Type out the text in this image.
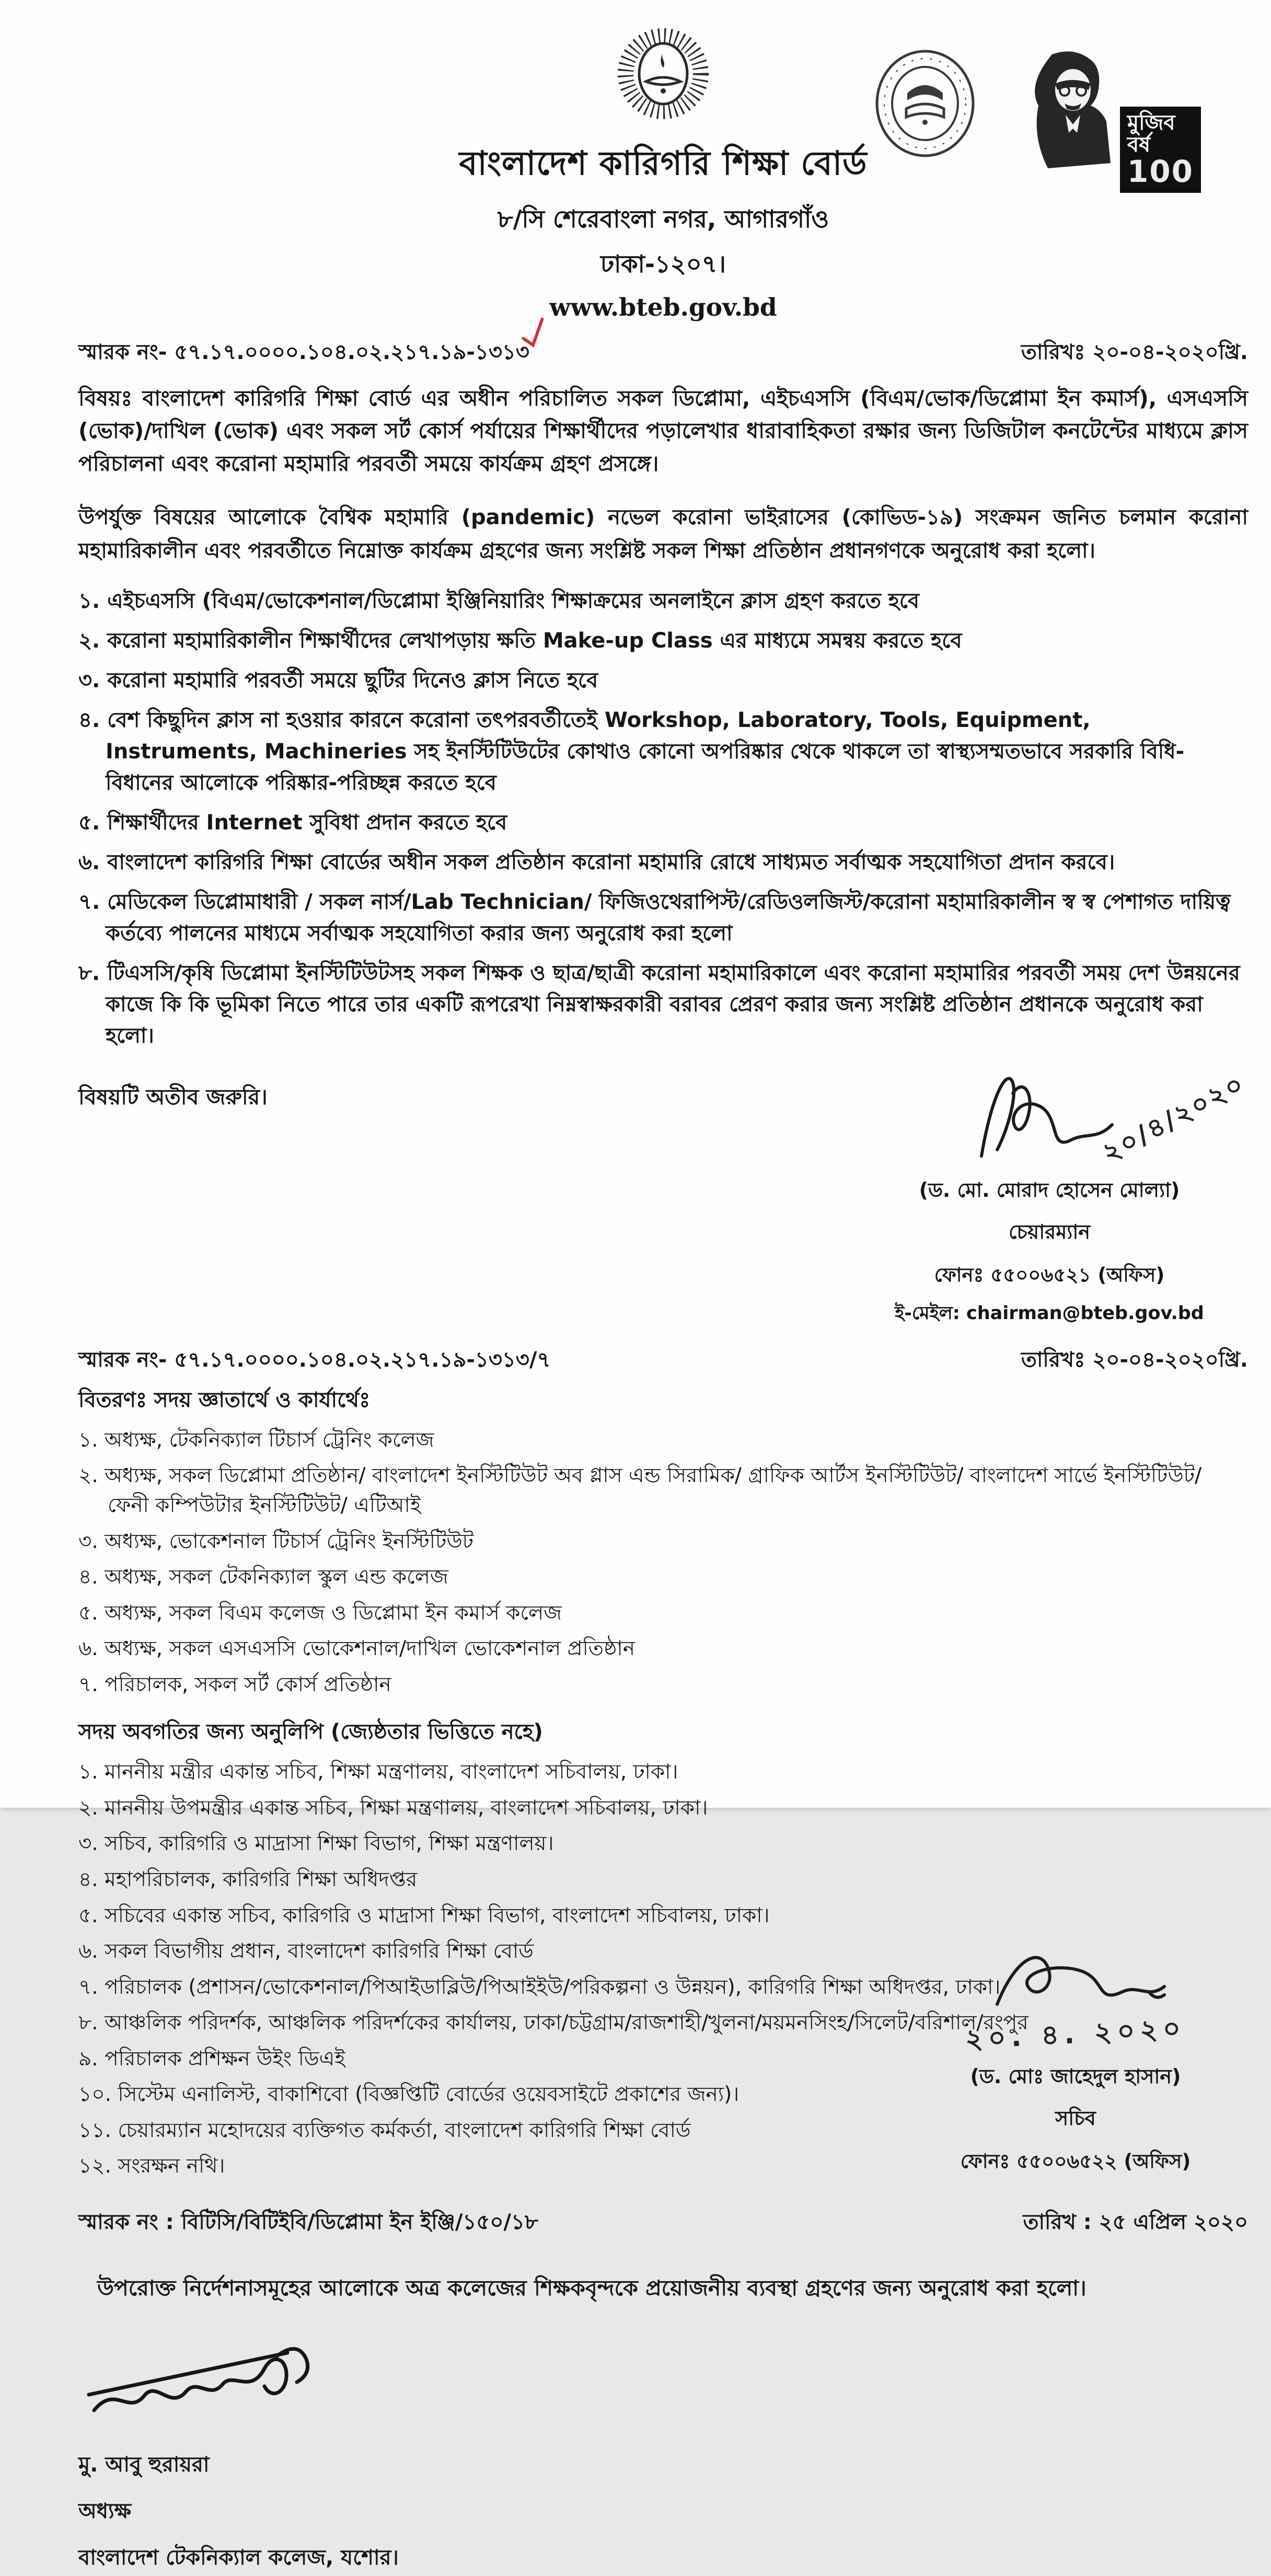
বাংলাদেশ কারিগরি শিক্ষা বোর্ড
৮/সি শেরেবাংলা নগর, আগারগাঁও
ঢাকা-১২০৭।
www.bteb.gov.bd
মুজিব বর্ষ
100
স্মারক নং- ৫৭.১৭.০০০০.১০৪.০২.২১৭.১৯-১৩১৩	তারিখঃ ২০-০৪-২০২০খ্রি.
বিষয়ঃ বাংলাদেশ কারিগরি শিক্ষা বোর্ড এর অধীন পরিচালিত সকল ডিপ্লোমা, এইচএসসি (বিএম/ভোক/ডিপ্লোমা ইন কমার্স), এসএসসি (ভোক)/দাখিল (ভোক) এবং সকল সর্ট কোর্স পর্যায়ের শিক্ষার্থীদের পড়ালেখার ধারাবাহিকতা রক্ষার জন্য ডিজিটাল কনটেন্টের মাধ্যমে ক্লাস পরিচালনা এবং করোনা মহামারি পরবর্তী সময়ে কার্যক্রম গ্রহণ প্রসঙ্গে।
উপর্যুক্ত বিষয়ের আলোকে বৈশ্বিক মহামারি (pandemic) নভেল করোনা ভাইরাসের (কোভিড-১৯) সংক্রমন জনিত চলমান করোনা মহামারিকালীন এবং পরবর্তীতে নিম্নোক্ত কার্যক্রম গ্রহণের জন্য সংশ্লিষ্ট সকল শিক্ষা প্রতিষ্ঠান প্রধানগণকে অনুরোধ করা হলো।
১. এইচএসসি (বিএম/ভোকেশনাল/ডিপ্লোমা ইঞ্জিনিয়ারিং শিক্ষাক্রমের অনলাইনে ক্লাস গ্রহণ করতে হবে
২. করোনা মহামারিকালীন শিক্ষার্থীদের লেখাপড়ায় ক্ষতি Make-up Class এর মাধ্যমে সমন্বয় করতে হবে
৩. করোনা মহামারি পরবর্তী সময়ে ছুটির দিনেও ক্লাস নিতে হবে
৪. বেশ কিছুদিন ক্লাস না হওয়ার কারনে করোনা তৎপরবর্তীতেই Workshop, Laboratory, Tools, Equipment, Instruments, Machineries সহ ইনস্টিটিউটের কোথাও কোনো অপরিষ্কার থেকে থাকলে তা স্বাস্থ্যসম্মতভাবে সরকারি বিধি-বিধানের আলোকে পরিষ্কার-পরিচ্ছন্ন করতে হবে
৫. শিক্ষার্থীদের Internet সুবিধা প্রদান করতে হবে
৬. বাংলাদেশ কারিগরি শিক্ষা বোর্ডের অধীন সকল প্রতিষ্ঠান করোনা মহামারি রোধে সাধ্যমত সর্বাত্মক সহযোগিতা প্রদান করবে।
৭. মেডিকেল ডিপ্লোমাধারী / সকল নার্স/Lab Technician/ ফিজিওথেরাপিস্ট/রেডিওলজিস্ট/করোনা মহামারিকালীন স্ব স্ব পেশাগত দায়িত্ব কর্তব্যে পালনের মাধ্যমে সর্বাত্মক সহযোগিতা করার জন্য অনুরোধ করা হলো
৮. টিএসসি/কৃষি ডিপ্লোমা ইনস্টিটিউটসহ সকল শিক্ষক ও ছাত্র/ছাত্রী করোনা মহামারিকালে এবং করোনা মহামারির পরবর্তী সময় দেশ উন্নয়নের কাজে কি কি ভূমিকা নিতে পারে তার একটি রূপরেখা নিম্নস্বাক্ষরকারী বরাবর প্রেরণ করার জন্য সংশ্লিষ্ট প্রতিষ্ঠান প্রধানকে অনুরোধ করা হলো।
বিষয়টি অতীব জরুরি।	২০/৪/২০২০
(ড. মো. মোরাদ হোসেন মোল্যা)
চেয়ারম্যান
ফোনঃ ৫৫০০৬৫২১ (অফিস)
ই-মেইল: chairman@bteb.gov.bd
স্মারক নং- ৫৭.১৭.০০০০.১০৪.০২.২১৭.১৯-১৩১৩/৭	তারিখঃ ২০-০৪-২০২০খ্রি.
বিতরণঃ সদয় জ্ঞাতার্থে ও কার্যার্থেঃ
১. অধ্যক্ষ, টেকনিক্যাল টিচার্স ট্রেনিং কলেজ
২. অধ্যক্ষ, সকল ডিপ্লোমা প্রতিষ্ঠান/ বাংলাদেশ ইনস্টিটিউট অব গ্লাস এন্ড সিরামিক/ গ্রাফিক আর্টস ইনস্টিটিউট/ বাংলাদেশ সার্ভে ইনস্টিটিউট/ ফেনী কম্পিউটার ইনস্টিটিউট/ এটিআই
৩. অধ্যক্ষ, ভোকেশনাল টিচার্স ট্রেনিং ইনস্টিটিউট
৪. অধ্যক্ষ, সকল টেকনিক্যাল স্কুল এন্ড কলেজ
৫. অধ্যক্ষ, সকল বিএম কলেজ ও ডিপ্লোমা ইন কমার্স কলেজ
৬. অধ্যক্ষ, সকল এসএসসি ভোকেশনাল/দাখিল ভোকেশনাল প্রতিষ্ঠান
৭. পরিচালক, সকল সর্ট কোর্স প্রতিষ্ঠান
সদয় অবগতির জন্য অনুলিপি (জ্যেষ্ঠতার ভিত্তিতে নহে)
১. মাননীয় মন্ত্রীর একান্ত সচিব, শিক্ষা মন্ত্রণালয়, বাংলাদেশ সচিবালয়, ঢাকা।
২. মাননীয় উপমন্ত্রীর একান্ত সচিব, শিক্ষা মন্ত্রণালয়, বাংলাদেশ সচিবালয়, ঢাকা।
৩. সচিব, কারিগরি ও মাদ্রাসা শিক্ষা বিভাগ, শিক্ষা মন্ত্রণালয়।
৪. মহাপরিচালক, কারিগরি শিক্ষা অধিদপ্তর
৫. সচিবের একান্ত সচিব, কারিগরি ও মাদ্রাসা শিক্ষা বিভাগ, বাংলাদেশ সচিবালয়, ঢাকা।
৬. সকল বিভাগীয় প্রধান, বাংলাদেশ কারিগরি শিক্ষা বোর্ড
৭. পরিচালক (প্রশাসন/ভোকেশনাল/পিআইডাব্লিউ/পিআইইউ/পরিকল্পনা ও উন্নয়ন), কারিগরি শিক্ষা অধিদপ্তর, ঢাকা।
৮. আঞ্চলিক পরিদর্শক, আঞ্চলিক পরিদর্শকের কার্যালয়, ঢাকা/চট্টগ্রাম/রাজশাহী/খুলনা/ময়মনসিংহ/সিলেট/বরিশাল/রংপুর
৯. পরিচালক প্রশিক্ষন উইং ডিএই
১০. সিস্টেম এনালিস্ট, বাকাশিবো (বিজ্ঞপ্তিটি বোর্ডের ওয়েবসাইটে প্রকাশের জন্য)।
১১. চেয়ারম্যান মহোদয়ের ব্যক্তিগত কর্মকর্তা, বাংলাদেশ কারিগরি শিক্ষা বোর্ড
১২. সংরক্ষন নথি।
২০. ৪. ২০২০
(ড. মোঃ জাহেদুল হাসান)
সচিব
ফোনঃ ৫৫০০৬৫২২ (অফিস)
স্মারক নং : বিটিসি/বিটিইবি/ডিপ্লোমা ইন ইঞ্জি/১৫০/১৮	তারিখ : ২৫ এপ্রিল ২০২০
উপরোক্ত নির্দেশনাসমূহের আলোকে অত্র কলেজের শিক্ষকবৃন্দকে প্রয়োজনীয় ব্যবস্থা গ্রহণের জন্য অনুরোধ করা হলো।
মু. আবু হুরায়রা
অধ্যক্ষ
বাংলাদেশ টেকনিক্যাল কলেজ, যশোর।
